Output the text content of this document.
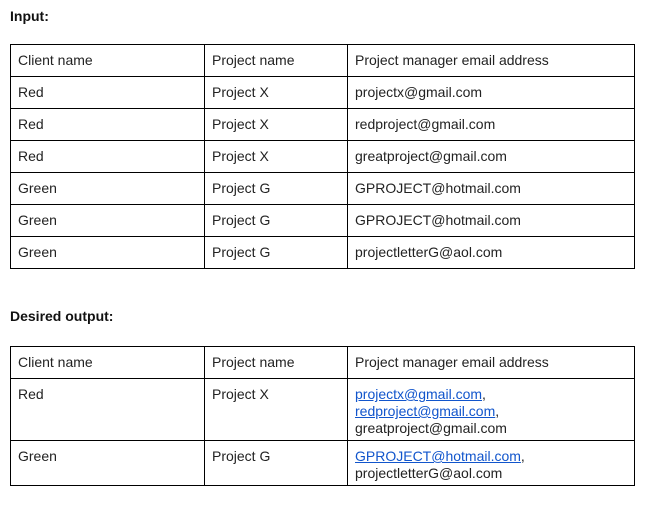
Input:
Client name	Project name	Project manager email address
Red	Project X	projectx@gmail.com
Red	Project X	redproject@gmail.com
Red	Project X	greatproject@gmail.com
Green	Project G	GPROJECT@hotmail.com
Green	Project G	GPROJECT@hotmail.com
Green	Project G	projectletterG@aol.com
Desired output:
Client name	Project name	Project manager email address
Red	Project X	projectx@gmail.com,
redproject@gmail.com,
greatproject@gmail.com

Green	Project G	GPROJECT@hotmail.com,
projectletterG@aol.com
